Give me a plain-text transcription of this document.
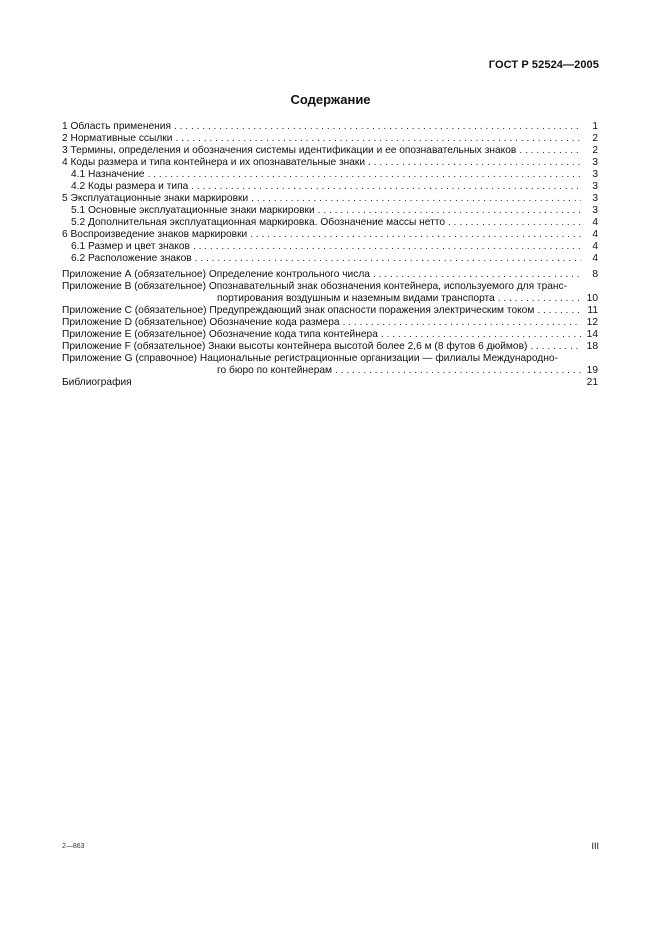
ГОСТ Р 52524—2005
Содержание
1 Область применения . . .	1
2 Нормативные ссылки . . .	2
3 Термины, определения и обозначения системы идентификации и ее опознавательных знаков . . .	2
4 Коды размера и типа контейнера и их опознавательные знаки . . .	3
4.1 Назначение . . .	3
4.2 Коды размера и типа . . .	3
5 Эксплуатационные знаки маркировки . . .	3
5.1 Основные эксплуатационные знаки маркировки . . .	3
5.2 Дополнительная эксплуатационная маркировка. Обозначение массы нетто . . .	4
6 Воспроизведение знаков маркировки . . .	4
6.1 Размер и цвет знаков . . .	4
6.2 Расположение знаков . . .	4
Приложение А (обязательное) Определение контрольного числа . . .	8
Приложение В (обязательное) Опознавательный знак обозначения контейнера, используемого для транс-
портирования воздушным и наземным видами транспорта . . .	10
Приложение С (обязательное) Предупреждающий знак опасности поражения электрическим током . . .	11
Приложение D (обязательное) Обозначение кода размера . . .	12
Приложение Е (обязательное) Обозначение кода типа контейнера . . .	14
Приложение F (обязательное) Знаки высоты контейнера высотой более 2,6 м (8 футов 6 дюймов) . . .	18
Приложение G (справочное) Национальные регистрационные организации — филиалы Международно-
го бюро по контейнерам . . .	19
Библиография	21
2—863	III
